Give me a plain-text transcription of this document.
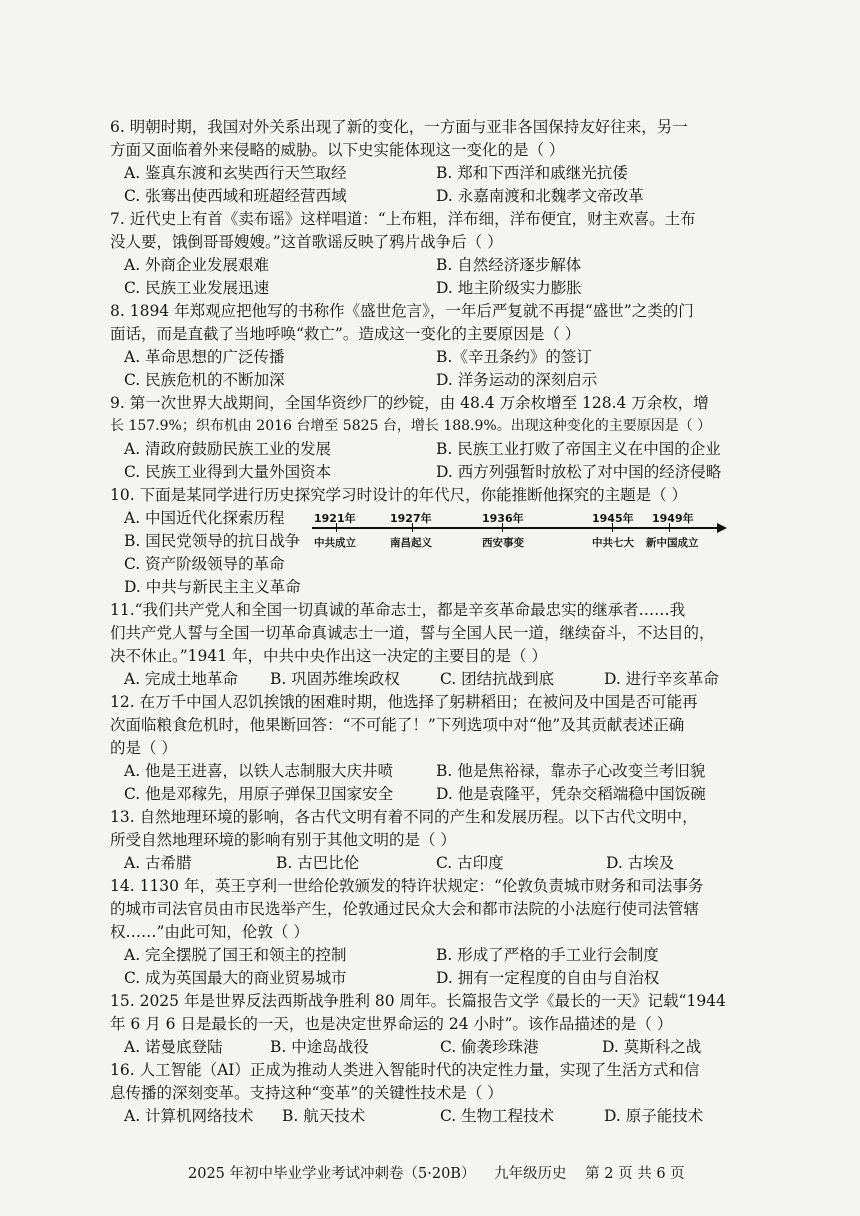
6. 明朝时期，我国对外关系出现了新的变化，一方面与亚非各国保持友好往来，另一
方面又面临着外来侵略的威胁。以下史实能体现这一变化的是（ ）
A. 鉴真东渡和玄奘西行天竺取经	B. 郑和下西洋和戚继光抗倭
C. 张骞出使西域和班超经营西域	D. 永嘉南渡和北魏孝文帝改革
7. 近代史上有首《卖布谣》这样唱道：“上布粗，洋布细，洋布便宜，财主欢喜。土布
没人要，饿倒哥哥嫂嫂。”这首歌谣反映了鸦片战争后（ ）
A. 外商企业发展艰难	B. 自然经济逐步解体
C. 民族工业发展迅速	D. 地主阶级实力膨胀
8. 1894 年郑观应把他写的书称作《盛世危言》，一年后严复就不再提“盛世”之类的门
面话，而是直截了当地呼唤“救亡”。造成这一变化的主要原因是（ ）
A. 革命思想的广泛传播	B.《辛丑条约》的签订
C. 民族危机的不断加深	D. 洋务运动的深刻启示
9. 第一次世界大战期间，全国华资纱厂的纱锭，由 48.4 万余枚增至 128.4 万余枚，增
长 157.9%；织布机由 2016 台增至 5825 台，增长 188.9%。出现这种变化的主要原因是（ ）
A. 清政府鼓励民族工业的发展	B. 民族工业打败了帝国主义在中国的企业
C. 民族工业得到大量外国资本	D. 西方列强暂时放松了对中国的经济侵略
10. 下面是某同学进行历史探究学习时设计的年代尺，你能推断他探究的主题是（ ）
A. 中国近代化探索历程
B. 国民党领导的抗日战争
C. 资产阶级领导的革命
D. 中共与新民主主义革命
1921年
中共成立
1927年
南昌起义
1936年
西安事变
1945年
中共七大
1949年
新中国成立
11.“我们共产党人和全国一切真诚的革命志士，都是辛亥革命最忠实的继承者……我
们共产党人誓与全国一切革命真诚志士一道，誓与全国人民一道，继续奋斗，不达目的，
决不休止。”1941 年，中共中央作出这一决定的主要目的是（ ）
A. 完成土地革命 B. 巩固苏维埃政权	C. 团结抗战到底	D. 进行辛亥革命
12. 在万千中国人忍饥挨饿的困难时期，他选择了躬耕稻田；在被问及中国是否可能再
次面临粮食危机时，他果断回答：“不可能了！”下列选项中对“他”及其贡献表述正确
的是（ ）
A. 他是王进喜，以铁人志制服大庆井喷	B. 他是焦裕禄，靠赤子心改变兰考旧貌
C. 他是邓稼先，用原子弹保卫国家安全	D. 他是袁隆平，凭杂交稻端稳中国饭碗
13. 自然地理环境的影响，各古代文明有着不同的产生和发展历程。以下古代文明中，
所受自然地理环境的影响有别于其他文明的是（ ）
A. 古希腊	B. 古巴比伦	C. 古印度	D. 古埃及
14. 1130 年，英王亨利一世给伦敦颁发的特许状规定：“伦敦负责城市财务和司法事务
的城市司法官员由市民选举产生，伦敦通过民众大会和都市法院的小法庭行使司法管辖
权……”由此可知，伦敦（ ）
A. 完全摆脱了国王和领主的控制	B. 形成了严格的手工业行会制度
C. 成为英国最大的商业贸易城市	D. 拥有一定程度的自由与自治权
15. 2025 年是世界反法西斯战争胜利 80 周年。长篇报告文学《最长的一天》记载“1944
年 6 月 6 日是最长的一天，也是决定世界命运的 24 小时”。该作品描述的是（ ）
A. 诺曼底登陆	B. 中途岛战役	C. 偷袭珍珠港	D. 莫斯科之战
16. 人工智能（AI）正成为推动人类进入智能时代的决定性力量，实现了生活方式和信
息传播的深刻变革。支持这种“变革”的关键性技术是（ ）
A. 计算机网络技术 B. 航天技术	C. 生物工程技术	D. 原子能技术
2025 年初中毕业学业考试冲刺卷（5·20B） 九年级历史 第 2 页 共 6 页
